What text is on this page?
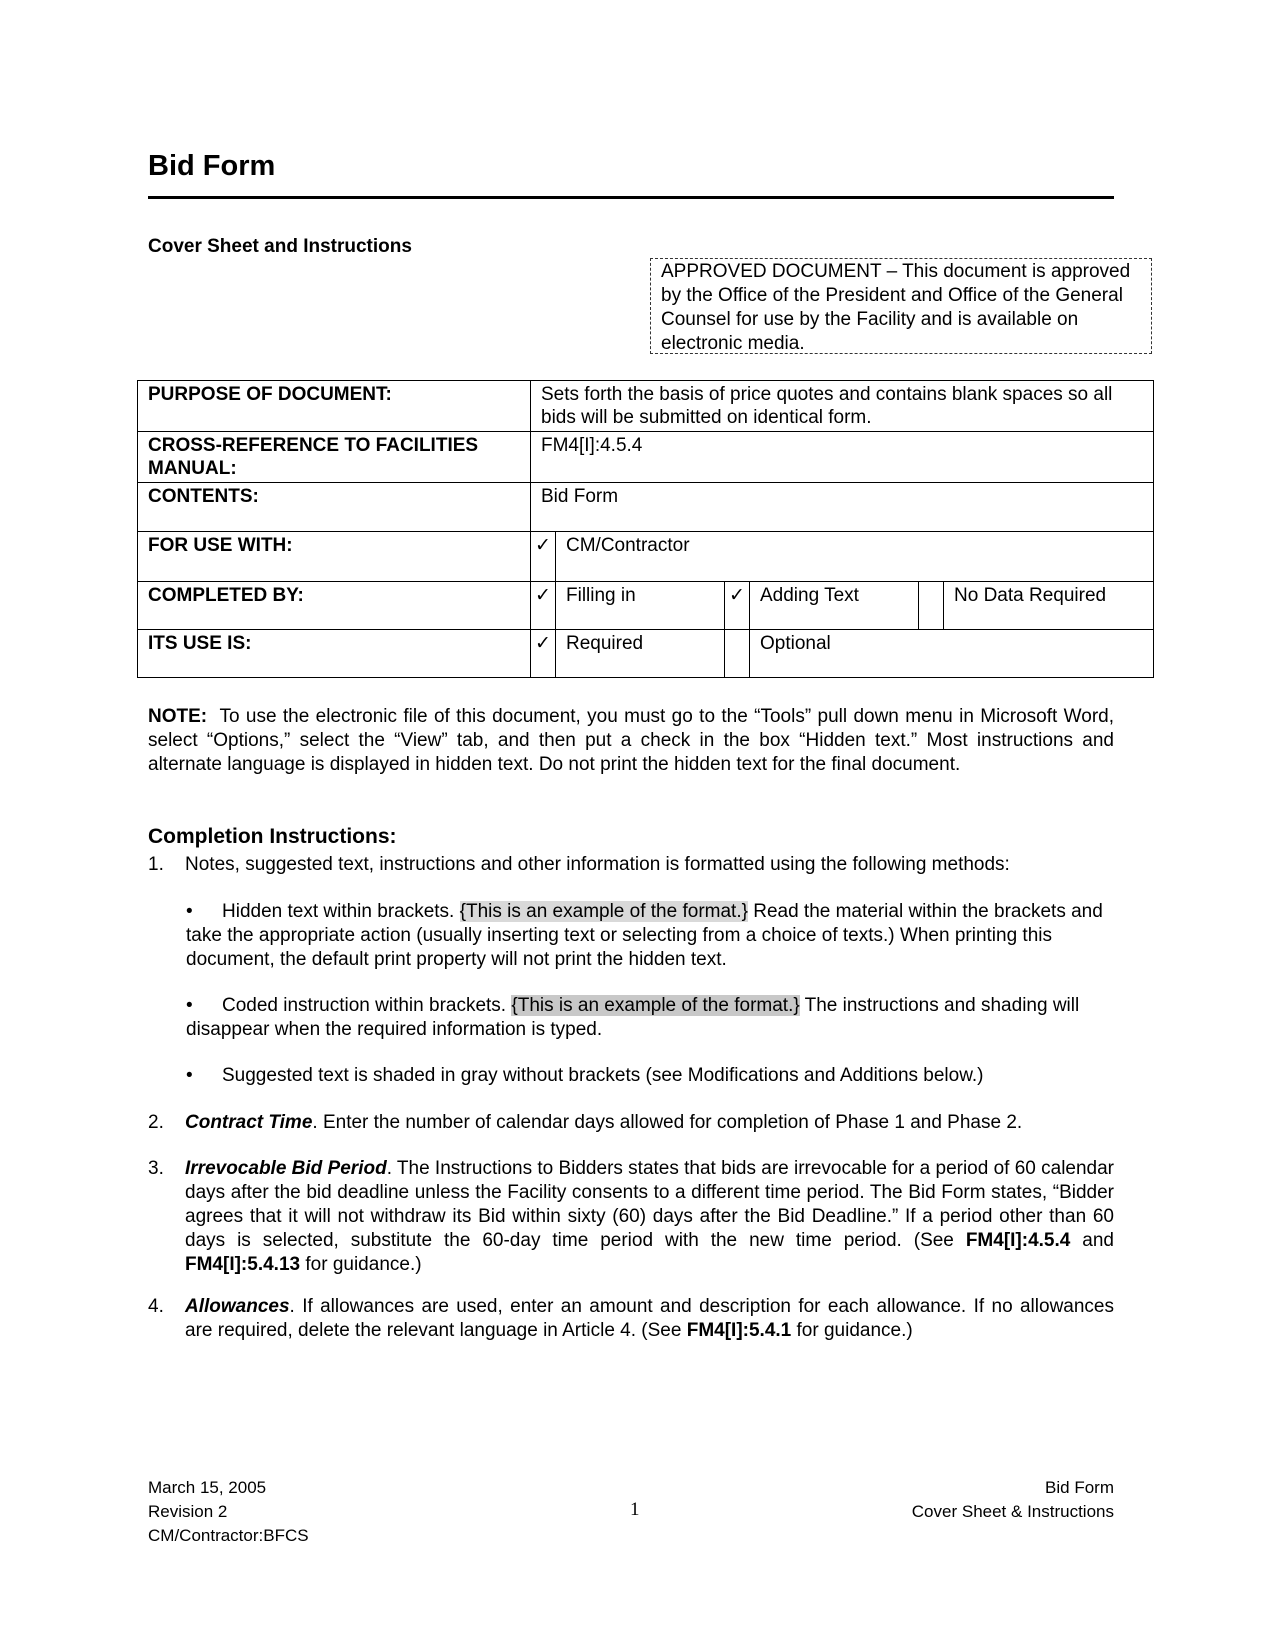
Bid Form
Cover Sheet and Instructions
APPROVED DOCUMENT – This document is approved by the Office of the President and Office of the General Counsel for use by the Facility and is available on electronic media.
PURPOSE OF DOCUMENT:	Sets forth the basis of price quotes and contains blank spaces so all bids will be submitted on identical form.					
CROSS-REFERENCE TO FACILITIES MANUAL:	FM4[I]:4.5.4					
CONTENTS:	Bid Form					
FOR USE WITH:	✓	CM/Contractor				
COMPLETED BY:	✓	Filling in	✓	Adding Text		No Data Required
ITS USE IS:	✓	Required		Optional		
NOTE: To use the electronic file of this document, you must go to the “Tools” pull down menu in Microsoft Word, select “Options,” select the “View” tab, and then put a check in the box “Hidden text.” Most instructions and alternate language is displayed in hidden text. Do not print the hidden text for the final document.
Completion Instructions:
1. Notes, suggested text, instructions and other information is formatted using the following methods:
• Hidden text within brackets. {This is an example of the format.} Read the material within the brackets and take the appropriate action (usually inserting text or selecting from a choice of texts.) When printing this document, the default print property will not print the hidden text.
• Coded instruction within brackets. {This is an example of the format.} The instructions and shading will disappear when the required information is typed.
• Suggested text is shaded in gray without brackets (see Modifications and Additions below.)
2. Contract Time. Enter the number of calendar days allowed for completion of Phase 1 and Phase 2.
3. Irrevocable Bid Period. The Instructions to Bidders states that bids are irrevocable for a period of 60 calendar days after the bid deadline unless the Facility consents to a different time period. The Bid Form states, “Bidder agrees that it will not withdraw its Bid within sixty (60) days after the Bid Deadline.” If a period other than 60 days is selected, substitute the 60-day time period with the new time period. (See FM4[I]:4.5.4 and FM4[I]:5.4.13 for guidance.)
4. Allowances. If allowances are used, enter an amount and description for each allowance. If no allowances are required, delete the relevant language in Article 4. (See FM4[I]:5.4.1 for guidance.)
March 15, 2005
Revision 2
CM/Contractor:BFCS
1
Bid Form
Cover Sheet & Instructions
